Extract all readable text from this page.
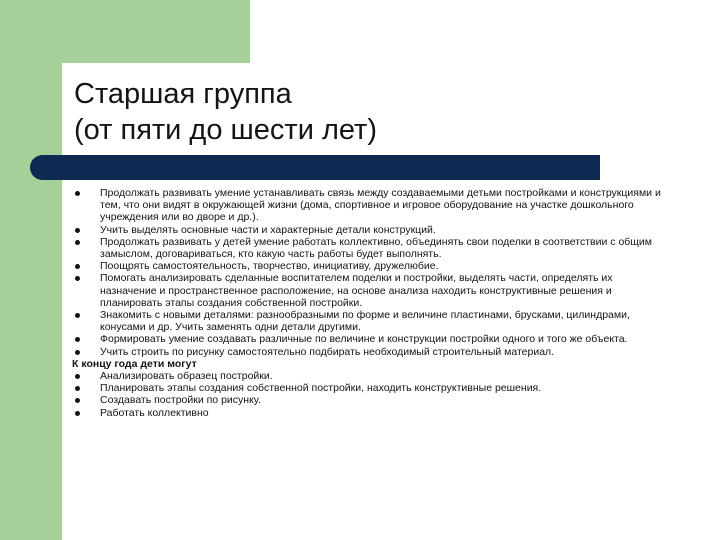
Старшая группа
(от пяти до шести лет)

Продолжать развивать умение устанавливать связь между создаваемыми детьми постройками и конструкциями и тем, что они видят в окружающей жизни (дома, спортивное и игровое оборудование на участке дошкольного учреждения или во дворе и др.).

Учить выделять основные части и характерные детали конструкций.

Продолжать развивать у детей умение работать коллективно, объединять свои поделки в соответствии с общим замыслом, договариваться, кто какую часть работы будет выполнять.

Поощрять самостоятельность, творчество, инициативу, дружелюбие.

Помогать анализировать сделанные воспитателем поделки и постройки, выделять части, определять их назначение и пространственное расположение, на основе анализа находить конструктивные решения и планировать этапы создания собственной постройки.

Знакомить с новыми деталями: разнообразными по форме и величине пластинами, брусками, цилиндрами, конусами и др. Учить заменять одни детали другими.

Формировать умение создавать различные по величине и конструкции постройки одного и того же объекта.

Учить строить по рисунку самостоятельно подбирать необходимый строительный материал.

К концу года дети могут

Анализировать образец постройки.

Планировать этапы создания собственной постройки, находить конструктивные решения.

Создавать постройки по рисунку.

Работать коллективно
